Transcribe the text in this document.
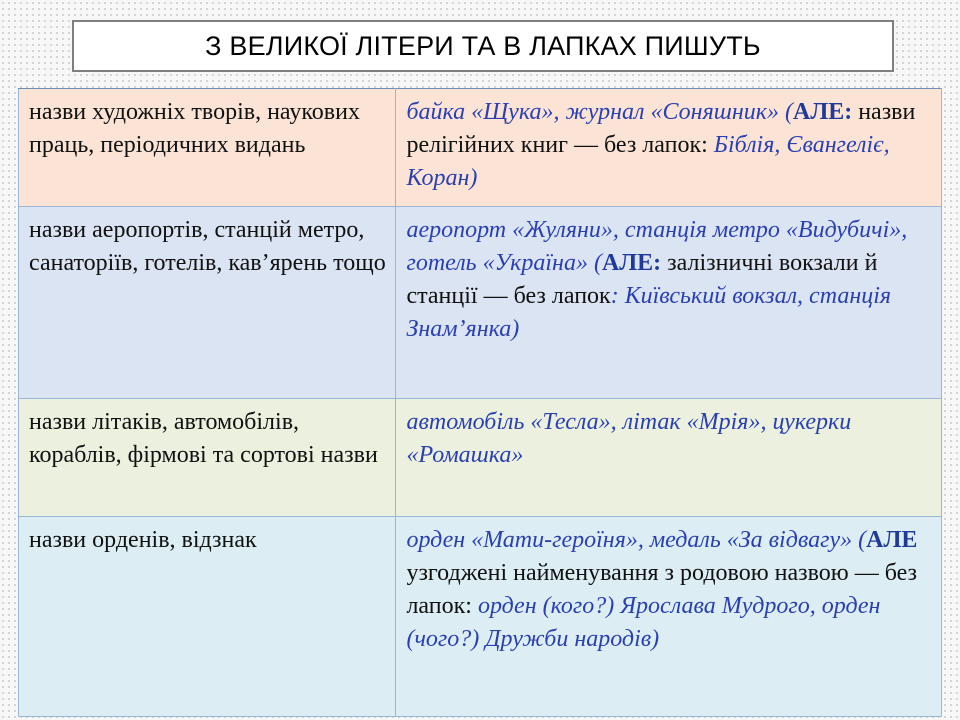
З ВЕЛИКОЇ ЛІТЕРИ ТА В ЛАПКАХ ПИШУТЬ
назви художніх творів, наукових праць, періодичних видань	байка «Щука», журнал «Соняшник» (АЛЕ: назви релігійних книг — без лапок: Біблія, Євангеліє, Коран)
назви аеропортів, станцій метро, санаторіїв, готелів, кав’ярень тощо	аеропорт «Жуляни», станція метро «Видубичі», готель «Україна» (АЛЕ: залізничні вокзали й станції — без лапок: Київський вокзал, станція Знам’янка)
назви літаків, автомобілів, кораблів, фірмові та сортові назви	автомобіль «Тесла», літак «Мрія», цукерки «Ромашка»
назви орденів, відзнак	орден «Мати-героїня», медаль «За відвагу» (АЛЕ узгоджені найменування з родовою назвою — без лапок: орден (кого?) Ярослава Мудрого, орден (чого?) Дружби народів)
